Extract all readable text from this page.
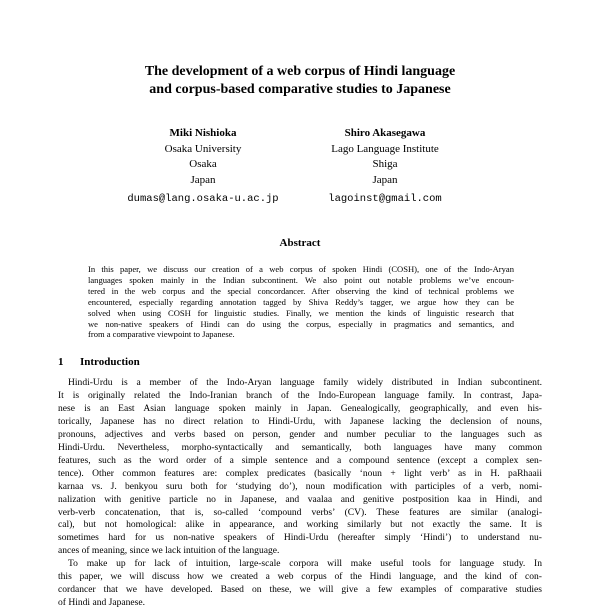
The development of a web corpus of Hindi language
and corpus-based comparative studies to Japanese
Miki Nishioka
Osaka University
Osaka
Japan
dumas@lang.osaka-u.ac.jp
Shiro Akasegawa
Lago Language Institute
Shiga
Japan
lagoinst@gmail.com
Abstract
In this paper, we discuss our creation of a web corpus of spoken Hindi (COSH), one of the Indo-Aryan
languages spoken mainly in the Indian subcontinent. We also point out notable problems we’ve encoun-
tered in the web corpus and the special concordancer. After observing the kind of technical problems we
encountered, especially regarding annotation tagged by Shiva Reddy’s tagger, we argue how they can be
solved when using COSH for linguistic studies. Finally, we mention the kinds of linguistic research that
we non-native speakers of Hindi can do using the corpus, especially in pragmatics and semantics, and
from a comparative viewpoint to Japanese.
1 Introduction
Hindi-Urdu is a member of the Indo-Aryan language family widely distributed in Indian subcontinent.
It is originally related the Indo-Iranian branch of the Indo-European language family. In contrast, Japa-
nese is an East Asian language spoken mainly in Japan. Genealogically, geographically, and even his-
torically, Japanese has no direct relation to Hindi-Urdu, with Japanese lacking the declension of nouns,
pronouns, adjectives and verbs based on person, gender and number peculiar to the languages such as
Hindi-Urdu. Nevertheless, morpho-syntactically and semantically, both languages have many common
features, such as the word order of a simple sentence and a compound sentence (except a complex sen-
tence). Other common features are: complex predicates (basically ‘noun + light verb’ as in H. paRhaaii
karnaa vs. J. benkyou suru both for ‘studying do’), noun modification with participles of a verb, nomi-
nalization with genitive particle no in Japanese, and vaalaa and genitive postposition kaa in Hindi, and
verb-verb concatenation, that is, so-called ‘compound verbs’ (CV). These features are similar (analogi-
cal), but not homological: alike in appearance, and working similarly but not exactly the same. It is
sometimes hard for us non-native speakers of Hindi-Urdu (hereafter simply ‘Hindi’) to understand nu-
ances of meaning, since we lack intuition of the language.
To make up for lack of intuition, large-scale corpora will make useful tools for language study. In
this paper, we will discuss how we created a web corpus of the Hindi language, and the kind of con-
cordancer that we have developed. Based on these, we will give a few examples of comparative studies
of Hindi and Japanese.
